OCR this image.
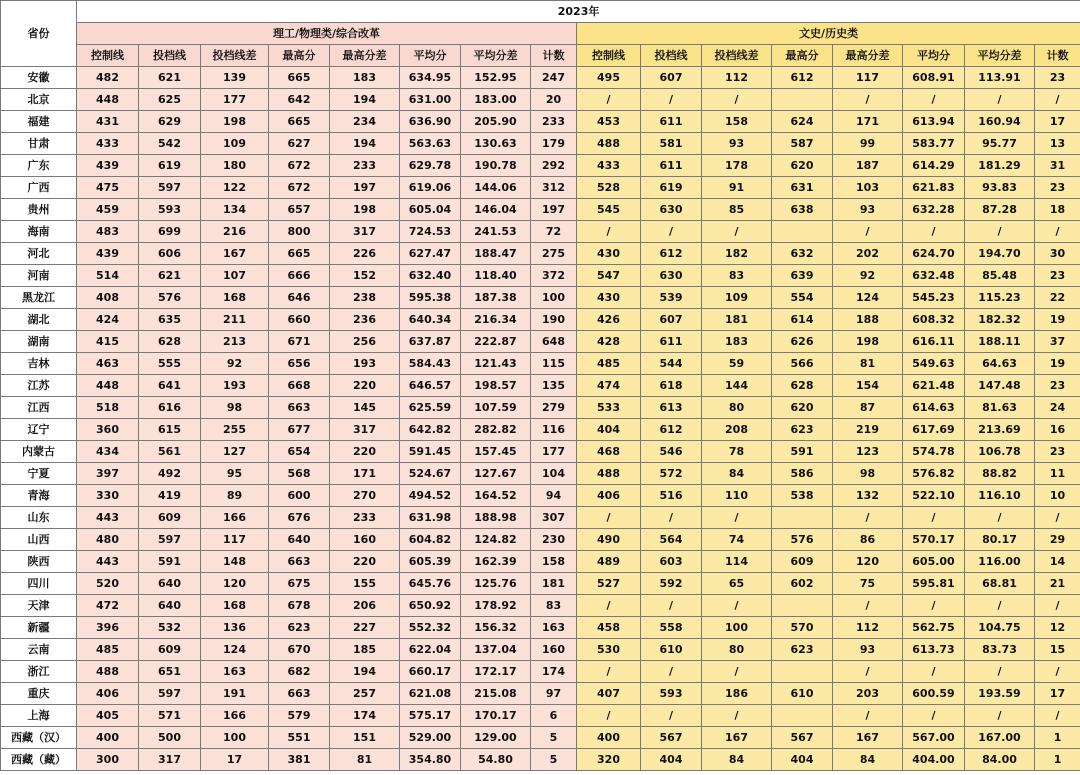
省份	2023年															
	理工/物理类/综合改革								文史/历史类							
	控制线	投档线	投档线差	最高分	最高分差	平均分	平均分差	计数	控制线	投档线	投档线差	最高分	最高分差	平均分	平均分差	计数
安徽	482	621	139	665	183	634.95	152.95	247	495	607	112	612	117	608.91	113.91	23
北京	448	625	177	642	194	631.00	183.00	20	/	/	/		/	/	/	/
福建	431	629	198	665	234	636.90	205.90	233	453	611	158	624	171	613.94	160.94	17
甘肃	433	542	109	627	194	563.63	130.63	179	488	581	93	587	99	583.77	95.77	13
广东	439	619	180	672	233	629.78	190.78	292	433	611	178	620	187	614.29	181.29	31
广西	475	597	122	672	197	619.06	144.06	312	528	619	91	631	103	621.83	93.83	23
贵州	459	593	134	657	198	605.04	146.04	197	545	630	85	638	93	632.28	87.28	18
海南	483	699	216	800	317	724.53	241.53	72	/	/	/		/	/	/	/
河北	439	606	167	665	226	627.47	188.47	275	430	612	182	632	202	624.70	194.70	30
河南	514	621	107	666	152	632.40	118.40	372	547	630	83	639	92	632.48	85.48	23
黑龙江	408	576	168	646	238	595.38	187.38	100	430	539	109	554	124	545.23	115.23	22
湖北	424	635	211	660	236	640.34	216.34	190	426	607	181	614	188	608.32	182.32	19
湖南	415	628	213	671	256	637.87	222.87	648	428	611	183	626	198	616.11	188.11	37
吉林	463	555	92	656	193	584.43	121.43	115	485	544	59	566	81	549.63	64.63	19
江苏	448	641	193	668	220	646.57	198.57	135	474	618	144	628	154	621.48	147.48	23
江西	518	616	98	663	145	625.59	107.59	279	533	613	80	620	87	614.63	81.63	24
辽宁	360	615	255	677	317	642.82	282.82	116	404	612	208	623	219	617.69	213.69	16
内蒙古	434	561	127	654	220	591.45	157.45	177	468	546	78	591	123	574.78	106.78	23
宁夏	397	492	95	568	171	524.67	127.67	104	488	572	84	586	98	576.82	88.82	11
青海	330	419	89	600	270	494.52	164.52	94	406	516	110	538	132	522.10	116.10	10
山东	443	609	166	676	233	631.98	188.98	307	/	/	/		/	/	/	/
山西	480	597	117	640	160	604.82	124.82	230	490	564	74	576	86	570.17	80.17	29
陕西	443	591	148	663	220	605.39	162.39	158	489	603	114	609	120	605.00	116.00	14
四川	520	640	120	675	155	645.76	125.76	181	527	592	65	602	75	595.81	68.81	21
天津	472	640	168	678	206	650.92	178.92	83	/	/	/		/	/	/	/
新疆	396	532	136	623	227	552.32	156.32	163	458	558	100	570	112	562.75	104.75	12
云南	485	609	124	670	185	622.04	137.04	160	530	610	80	623	93	613.73	83.73	15
浙江	488	651	163	682	194	660.17	172.17	174	/	/	/		/	/	/	/
重庆	406	597	191	663	257	621.08	215.08	97	407	593	186	610	203	600.59	193.59	17
上海	405	571	166	579	174	575.17	170.17	6	/	/	/		/	/	/	/
西藏（汉）	400	500	100	551	151	529.00	129.00	5	400	567	167	567	167	567.00	167.00	1
西藏（藏）	300	317	17	381	81	354.80	54.80	5	320	404	84	404	84	404.00	84.00	1
